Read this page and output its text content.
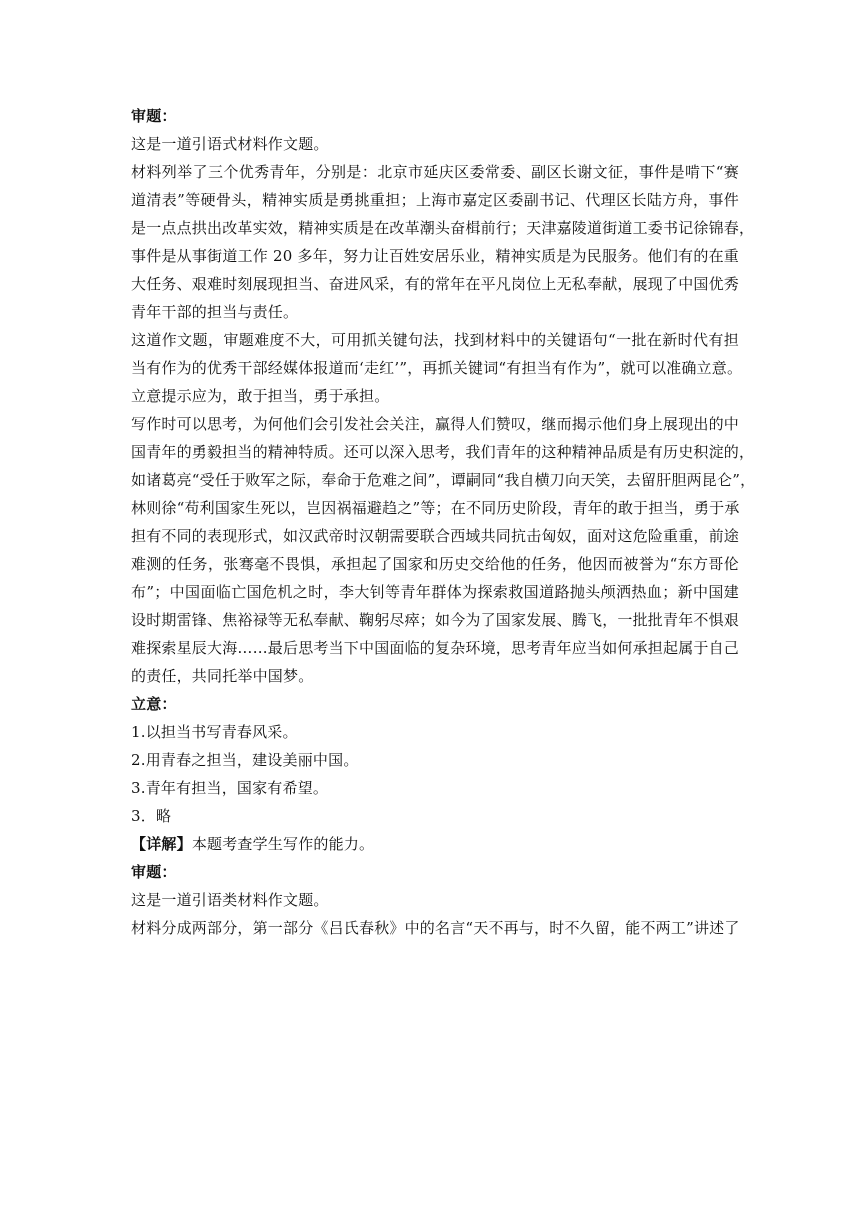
审题：
这是一道引语式材料作文题。
材料列举了三个优秀青年，分别是：北京市延庆区委常委、副区长谢文征，事件是啃下“赛
道清表”等硬骨头，精神实质是勇挑重担；上海市嘉定区委副书记、代理区长陆方舟，事件
是一点点拱出改革实效，精神实质是在改革潮头奋楫前行；天津嘉陵道街道工委书记徐锦春，
事件是从事街道工作 20 多年，努力让百姓安居乐业，精神实质是为民服务。他们有的在重
大任务、艰难时刻展现担当、奋进风采，有的常年在平凡岗位上无私奉献，展现了中国优秀
青年干部的担当与责任。
这道作文题，审题难度不大，可用抓关键句法，找到材料中的关键语句“一批在新时代有担
当有作为的优秀干部经媒体报道而‘走红’”，再抓关键词“有担当有作为”，就可以准确立意。
立意提示应为，敢于担当，勇于承担。
写作时可以思考，为何他们会引发社会关注，赢得人们赞叹，继而揭示他们身上展现出的中
国青年的勇毅担当的精神特质。还可以深入思考，我们青年的这种精神品质是有历史积淀的，
如诸葛亮“受任于败军之际，奉命于危难之间”，谭嗣同“我自横刀向天笑，去留肝胆两昆仑”，
林则徐“苟利国家生死以，岂因祸福避趋之”等；在不同历史阶段，青年的敢于担当，勇于承
担有不同的表现形式，如汉武帝时汉朝需要联合西域共同抗击匈奴，面对这危险重重，前途
难测的任务，张骞毫不畏惧，承担起了国家和历史交给他的任务，他因而被誉为“东方哥伦
布”；中国面临亡国危机之时，李大钊等青年群体为探索救国道路抛头颅洒热血；新中国建
设时期雷锋、焦裕禄等无私奉献、鞠躬尽瘁；如今为了国家发展、腾飞，一批批青年不惧艰
难探索星辰大海……最后思考当下中国面临的复杂环境，思考青年应当如何承担起属于自己
的责任，共同托举中国梦。
立意：
1.以担当书写青春风采。
2.用青春之担当，建设美丽中国。
3.青年有担当，国家有希望。
3．略
【详解】本题考查学生写作的能力。
审题：
这是一道引语类材料作文题。
材料分成两部分，第一部分《吕氏春秋》中的名言“天不再与，时不久留，能不两工”讲述了
